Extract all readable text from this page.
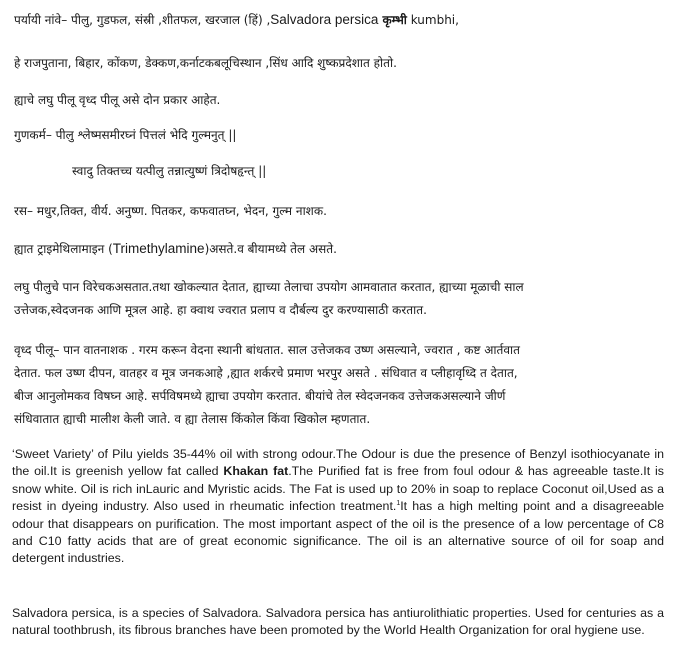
पर्यायी नांवे– पीलु, गुडफल, संस्री ,शीतफल, खरजाल (हिं) ,Salvadora persica कृम्भी kumbhi,
हे राजपुताना, बिहार, कोंकण, डेक्कण,कर्नाटकबलूचिस्थान ,सिंध आदि शुष्कप्रदेशात होतो.
ह्याचे लघु पीलू वृध्द पीलू असे दोन प्रकार आहेत.
गुणकर्म– पीलु श्लेष्मसमीरघ्नं पित्तलं भेदि गुल्मनुत् ||
स्वादु तिक्तच्च यत्पीलु तन्नात्युष्णं त्रिदोषहृन्त् ||
रस– मधुर,तिक्त, वीर्य. अनुष्ण. पितकर, कफवातघ्न, भेदन, गुल्म नाशक.
ह्यात ट्राइमेथिलामाइन (Trimethylamine)असते.व बीयामध्ये तेल असते.
लघु पीलुचे पान विरेचकअसतात.तथा खोकल्यात देतात, ह्याच्या तेलाचा उपयोग आमवातात करतात, ह्याच्या मूळाची साल
उत्तेजक,स्वेदजनक आणि मूत्रल आहे. हा क्वाथ ज्वरात प्रलाप व दौर्बल्य दुर करण्यासाठी करतात.
वृध्द पीलू– पान वातनाशक . गरम करून वेदना स्थानी बांधतात. साल उत्तेजकव उष्ण असल्याने, ज्वरात , कष्ट आर्तवात
देतात. फल उष्ण दीपन, वातहर व मूत्र जनकआहे ,ह्यात शर्करचे प्रमाण भरपुर असते . संधिवात व प्लीहावृध्दि त देतात,
बीज आनुलोमकव विषघ्न आहे. सर्पविषमध्ये ह्याचा उपयोग करतात. बीयांचे तेल स्वेदजनकव उत्तेजकअसल्याने जीर्ण
संधिवातात ह्याची मालीश केली जाते. व ह्या तेलास किंकोल किंवा खिकोल म्हणतात.

‘Sweet Variety’ of Pilu yields 35-44% oil with strong odour.The Odour is due the presence of Benzyl isothiocyanate in the oil.It is greenish yellow fat called Khakan fat.The Purified fat is free from foul odour & has agreeable taste.It is snow white. Oil is rich inLauric and Myristic acids. The Fat is used up to 20% in soap to replace Coconut oil,Used as a resist in dyeing industry. Also used in rheumatic infection treatment.$^1$It has a high melting point and a disagreeable odour that disappears on purification. The most important aspect of the oil is the presence of a low percentage of C8 and C10 fatty acids that are of great economic significance. The oil is an alternative source of oil for soap and detergent industries.

Salvadora persica, is a species of Salvadora. Salvadora persica has antiurolithiatic properties. Used for centuries as a natural toothbrush, its fibrous branches have been promoted by the World Health Organization for oral hygiene use.
